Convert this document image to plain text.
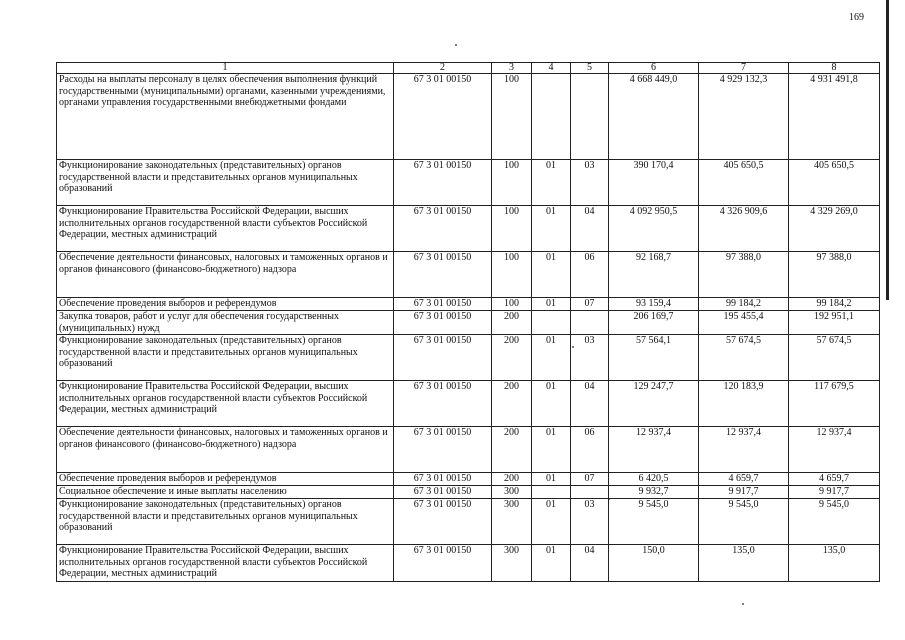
169
1	2	3	4	5	6	7	8
Расходы на выплаты персоналу в целях обеспечения выполнения функций государственными (муниципальными) органами, казенными учреждениями, органами управления государственными внебюджетными фондами	67 3 01 00150	100			4 668 449,0	4 929 132,3	4 931 491,8
Функционирование законодательных (представительных) органов государственной власти и представительных органов муниципальных образований	67 3 01 00150	100	01	03	390 170,4	405 650,5	405 650,5
Функционирование Правительства Российской Федерации, высших исполнительных органов государственной власти субъектов Российской Федерации, местных администраций	67 3 01 00150	100	01	04	4 092 950,5	4 326 909,6	4 329 269,0
Обеспечение деятельности финансовых, налоговых и таможенных органов и органов финансового (финансово-бюджетного) надзора	67 3 01 00150	100	01	06	92 168,7	97 388,0	97 388,0
Обеспечение проведения выборов и референдумов	67 3 01 00150	100	01	07	93 159,4	99 184,2	99 184,2
Закупка товаров, работ и услуг для обеспечения государственных (муниципальных) нужд	67 3 01 00150	200			206 169,7	195 455,4	192 951,1
Функционирование законодательных (представительных) органов государственной власти и представительных органов муниципальных образований	67 3 01 00150	200	01	03	57 564,1	57 674,5	57 674,5
Функционирование Правительства Российской Федерации, высших исполнительных органов государственной власти субъектов Российской Федерации, местных администраций	67 3 01 00150	200	01	04	129 247,7	120 183,9	117 679,5
Обеспечение деятельности финансовых, налоговых и таможенных органов и органов финансового (финансово-бюджетного) надзора	67 3 01 00150	200	01	06	12 937,4	12 937,4	12 937,4
Обеспечение проведения выборов и референдумов	67 3 01 00150	200	01	07	6 420,5	4 659,7	4 659,7
Социальное обеспечение и иные выплаты населению	67 3 01 00150	300			9 932,7	9 917,7	9 917,7
Функционирование законодательных (представительных) органов государственной власти и представительных органов муниципальных образований	67 3 01 00150	300	01	03	9 545,0	9 545,0	9 545,0
Функционирование Правительства Российской Федерации, высших исполнительных органов государственной власти субъектов Российской Федерации, местных администраций	67 3 01 00150	300	01	04	150,0	135,0	135,0
